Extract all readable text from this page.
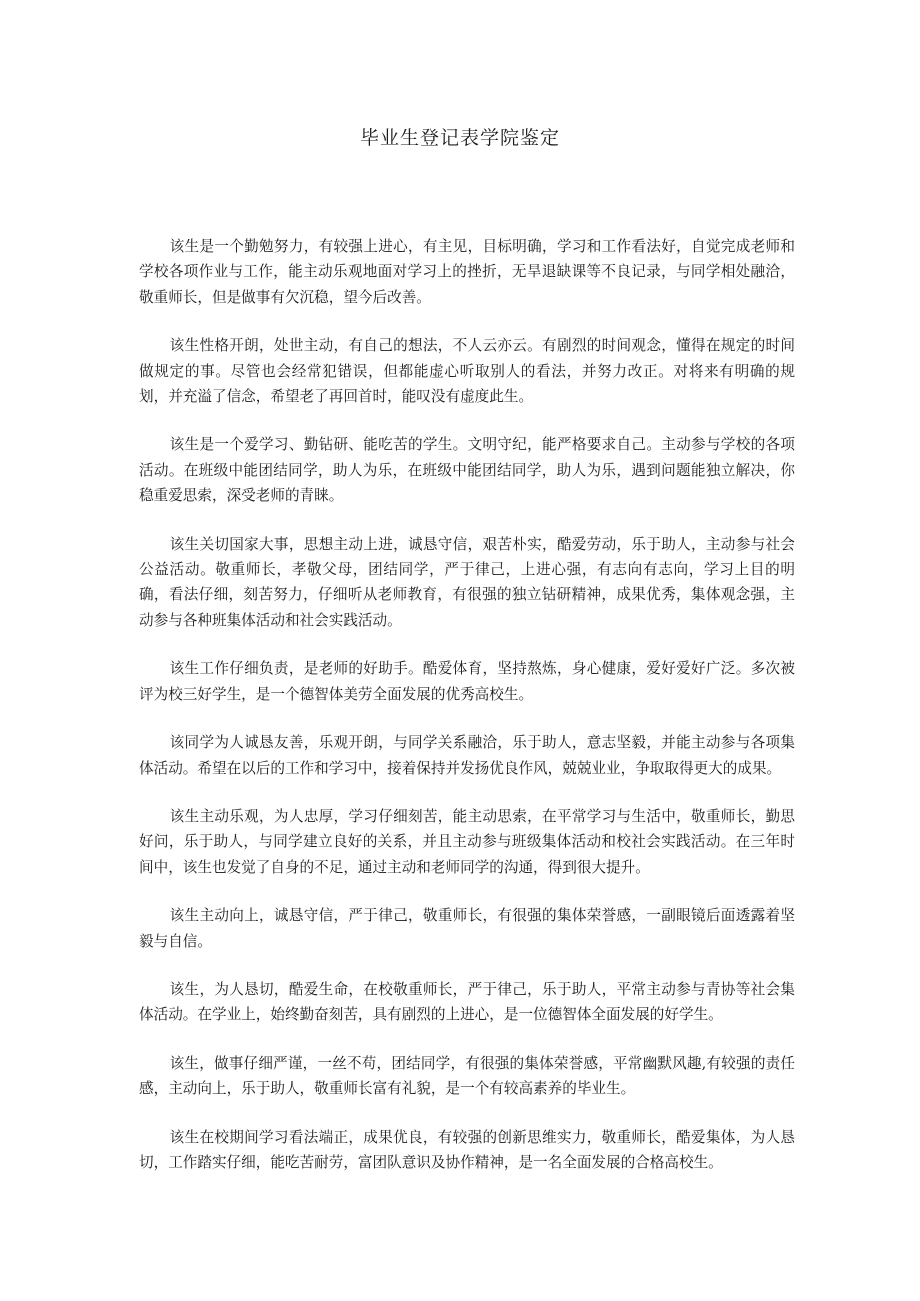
毕业生登记表学院鉴定

该生是一个勤勉努力，有较强上进心，有主见，目标明确，学习和工作看法好，自觉完成老师和学校各项作业与工作，能主动乐观地面对学习上的挫折，无旱退缺课等不良记录，与同学相处融洽，敬重师长，但是做事有欠沉稳，望今后改善。

该生性格开朗，处世主动，有自己的想法，不人云亦云。有剧烈的时间观念，懂得在规定的时间做规定的事。尽管也会经常犯错误，但都能虚心听取别人的看法，并努力改正。对将来有明确的规划，并充溢了信念，希望老了再回首时，能叹没有虚度此生。

该生是一个爱学习、勤钻研、能吃苦的学生。文明守纪，能严格要求自己。主动参与学校的各项活动。在班级中能团结同学，助人为乐，在班级中能团结同学，助人为乐，遇到问题能独立解决，你稳重爱思索，深受老师的青睐。

该生关切国家大事，思想主动上进，诚恳守信，艰苦朴实，酷爱劳动，乐于助人，主动参与社会公益活动。敬重师长，孝敬父母，团结同学，严于律己，上进心强，有志向有志向，学习上目的明确，看法仔细，刻苦努力，仔细听从老师教育，有很强的独立钻研精神，成果优秀，集体观念强，主动参与各种班集体活动和社会实践活动。

该生工作仔细负责，是老师的好助手。酷爱体育，坚持熬炼，身心健康，爱好爱好广泛。多次被评为校三好学生，是一个德智体美劳全面发展的优秀高校生。

该同学为人诚恳友善，乐观开朗，与同学关系融洽，乐于助人，意志坚毅，并能主动参与各项集体活动。希望在以后的工作和学习中，接着保持并发扬优良作风，兢兢业业，争取取得更大的成果。

该生主动乐观，为人忠厚，学习仔细刻苦，能主动思索，在平常学习与生活中，敬重师长，勤思好问，乐于助人，与同学建立良好的关系，并且主动参与班级集体活动和校社会实践活动。在三年时间中，该生也发觉了自身的不足，通过主动和老师同学的沟通，得到很大提升。

该生主动向上，诚恳守信，严于律己，敬重师长，有很强的集体荣誉感，一副眼镜后面透露着坚毅与自信。

该生，为人恳切，酷爱生命，在校敬重师长，严于律己，乐于助人，平常主动参与青协等社会集体活动。在学业上，始终勤奋刻苦，具有剧烈的上进心，是一位德智体全面发展的好学生。

该生，做事仔细严谨，一丝不苟，团结同学，有很强的集体荣誉感，平常幽默风趣,有较强的责任感，主动向上，乐于助人，敬重师长富有礼貌，是一个有较高素养的毕业生。

该生在校期间学习看法端正，成果优良，有较强的创新思维实力，敬重师长，酷爱集体，为人恳切，工作踏实仔细，能吃苦耐劳，富团队意识及协作精神，是一名全面发展的合格高校生。
